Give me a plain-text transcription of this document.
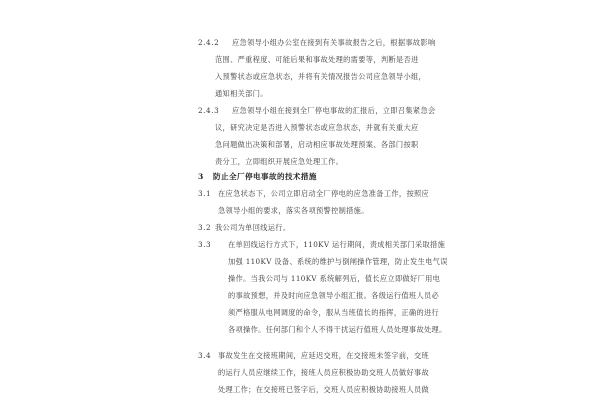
2.4.2 应急领导小组办公室在接到有关事故报告之后，根据事故影响
范围、严重程度、可能后果和事故处理的需要等，判断是否进
入预警状态或应急状态，并将有关情况报告公司应急领导小组，
通知相关部门。
2.4.3 应急领导小组在接到全厂停电事故的汇报后，立即召集紧急会
议，研究决定是否进入预警状态或应急状态，并就有关重大应
急问题做出决策和部署，启动相应事故处理预案、各部门按职
责分工，立即组织开展应急处理工作。
3 防止全厂停电事故的技术措施
3.1 在应急状态下，公司立即启动全厂停电的应急准备工作，按照应
急领导小组的要求，落实各项预警控制措施。
3.2 我公司为单回线运行。
3.3 在单回线运行方式下，110KV 运行期间，责成相关部门采取措施
加强 110KV 设备、系统的维护与倒闸操作管理，防止发生电气误
操作。当我公司与 110KV 系统解列后，值长应立即做好厂用电
的事故预想，并及时向应急领导小组汇报。各级运行值班人员必
须严格服从电网调度的命令，服从当班值长的指挥，正确的进行
各项操作。任何部门和个人不得干扰运行值班人员处理事故处理。
3.4 事故发生在交接班期间，应延迟交班，在交接班未签字前，交班
的运行人员应继续工作，接班人员应积极协助交班人员做好事故
处理工作；在交接班已签字后，交班人员应积极协助接班人员做
